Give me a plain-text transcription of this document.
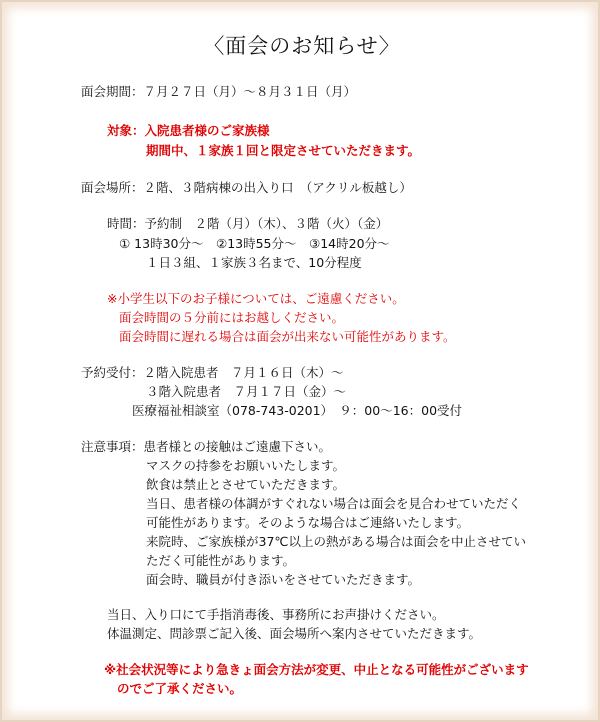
〈面会のお知らせ〉
面会期間：７月２７日（月）～８月３１日（月）
対象：入院患者様のご家族様
期間中、１家族１回と限定させていただきます。
面会場所：２階、３階病棟の出入り口　（アクリル板越し）
時間：予約制　２階（月）（木）、３階（火）（金）
① 13時30分～　②13時55分～　③14時20分～
１日３組、１家族３名まで、10分程度
※小学生以下のお子様については、ご遠慮ください。
面会時間の５分前にはお越しください。
面会時間に遅れる場合は面会が出来ない可能性があります。
予約受付：２階入院患者　７月１６日（木）～
３階入院患者　７月１７日（金）～
医療福祉相談室（078-743-0201）　９：00～16：00受付
注意事項：患者様との接触はご遠慮下さい。
マスクの持参をお願いいたします。
飲食は禁止とさせていただきます。
当日、患者様の体調がすぐれない場合は面会を見合わせていただく
可能性があります。そのような場合はご連絡いたします。
来院時、ご家族様が37℃以上の熱がある場合は面会を中止させてい
ただく可能性があります。
面会時、職員が付き添いをさせていただきます。
当日、入り口にて手指消毒後、事務所にお声掛けください。
体温測定、問診票ご記入後、面会場所へ案内させていただきます。
※社会状況等により急きょ面会方法が変更、中止となる可能性がございます
のでご了承ください。
